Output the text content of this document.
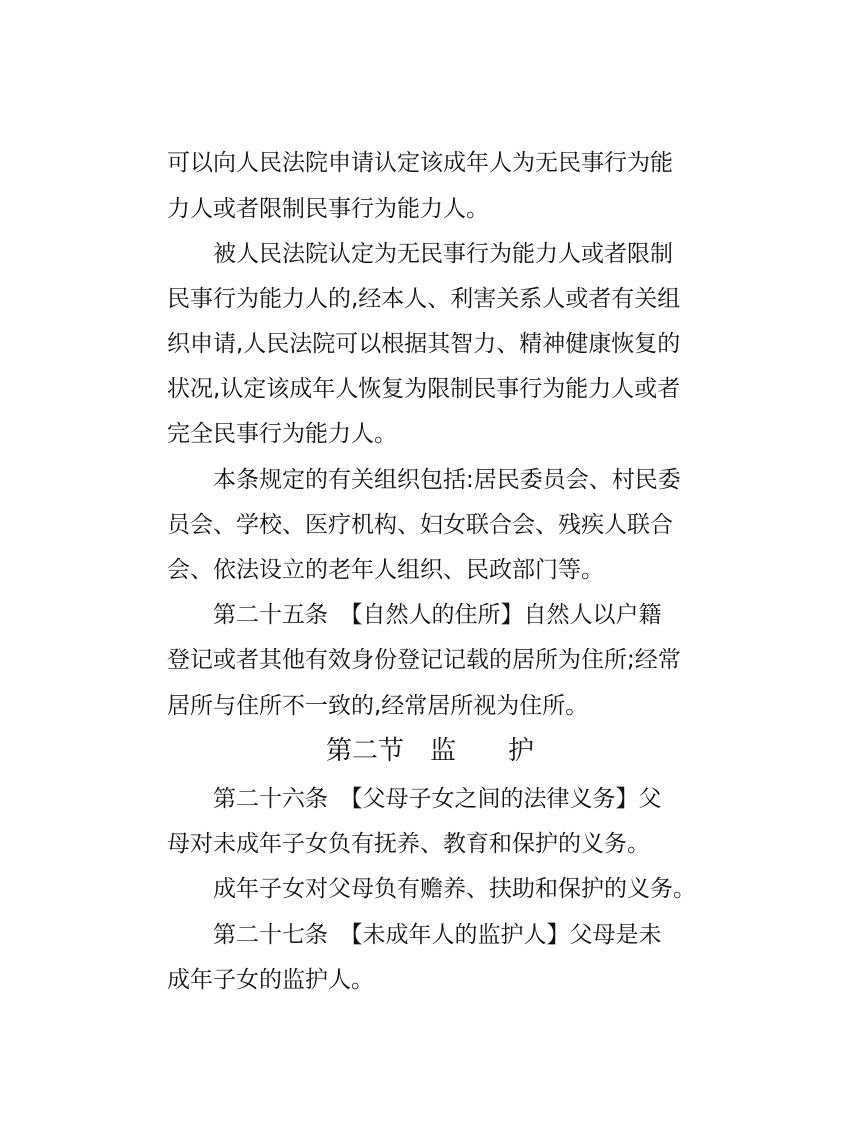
可以向人民法院申请认定该成年人为无民事行为能
力人或者限制民事行为能力人。
被人民法院认定为无民事行为能力人或者限制
民事行为能力人的,经本人、利害关系人或者有关组
织申请,人民法院可以根据其智力、精神健康恢复的
状况,认定该成年人恢复为限制民事行为能力人或者
完全民事行为能力人。
本条规定的有关组织包括:居民委员会、村民委
员会、学校、医疗机构、妇女联合会、残疾人联合
会、依法设立的老年人组织、民政部门等。
第二十五条　【自然人的住所】自然人以户籍
登记或者其他有效身份登记记载的居所为住所;经常
居所与住所不一致的,经常居所视为住所。
第二节　监　　护
第二十六条　【父母子女之间的法律义务】父
母对未成年子女负有抚养、教育和保护的义务。
成年子女对父母负有赡养、扶助和保护的义务。
第二十七条　【未成年人的监护人】父母是未
成年子女的监护人。
